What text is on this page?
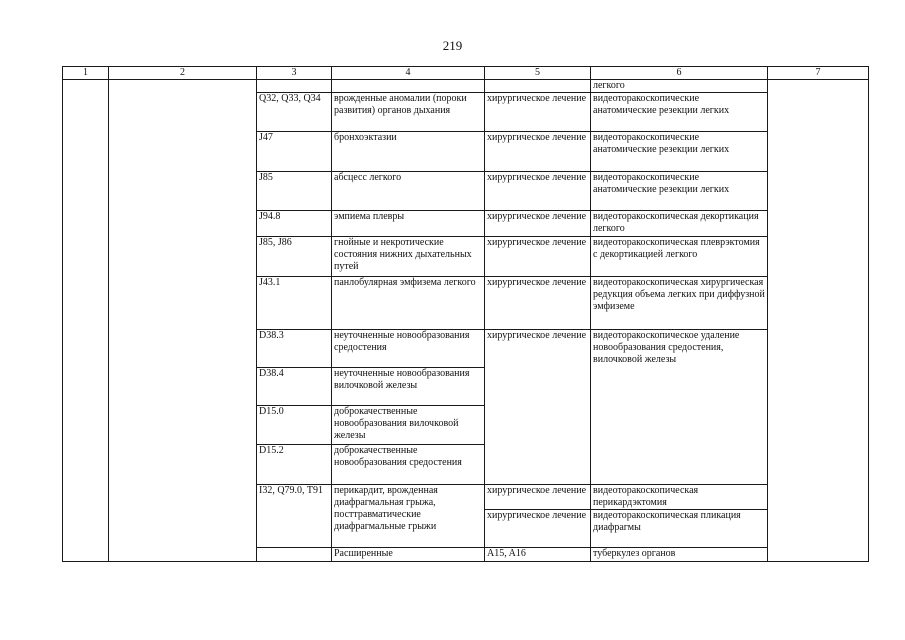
219
1	2	3	4	5	6	7	

					легкого		

		Q32, Q33, Q34	врожденные аномалии (пороки развития) органов дыхания	хирургическое лечение	видеоторакоскопические анатомические резекции легких		

		J47	бронхоэктазии	хирургическое лечение	видеоторакоскопические анатомические резекции легких		

		J85	абсцесс легкого	хирургическое лечение	видеоторакоскопические анатомические резекции легких		

		J94.8	эмпиема плевры	хирургическое лечение	видеоторакоскопическая декортикация легкого		

		J85, J86	гнойные и некротические состояния нижних дыхательных путей	хирургическое лечение	видеоторакоскопическая плеврэктомия с декортикацией легкого		

		J43.1	панлобулярная эмфизема легкого	хирургическое лечение	видеоторакоскопическая хирургическая редукция объема легких при диффузной эмфиземе		

		D38.3	неуточненные новообразования средостения	хирургическое лечение	видеоторакоскопическое удаление новообразования средостения, вилочковой железы		

		D38.4	неуточненные новообразования вилочковой железы				

		D15.0	доброкачественные новообразования вилочковой железы				

		D15.2	доброкачественные новообразования средостения				

		I32, Q79.0, T91	перикардит, врожденная диафрагмальная грыжа, посттравматические диафрагмальные грыжи	хирургическое лечение	видеоторакоскопическая перикардэктомия		

				хирургическое лечение	видеоторакоскопическая пликация диафрагмы		

			Расширенные	A15, A16	туберкулез органов
